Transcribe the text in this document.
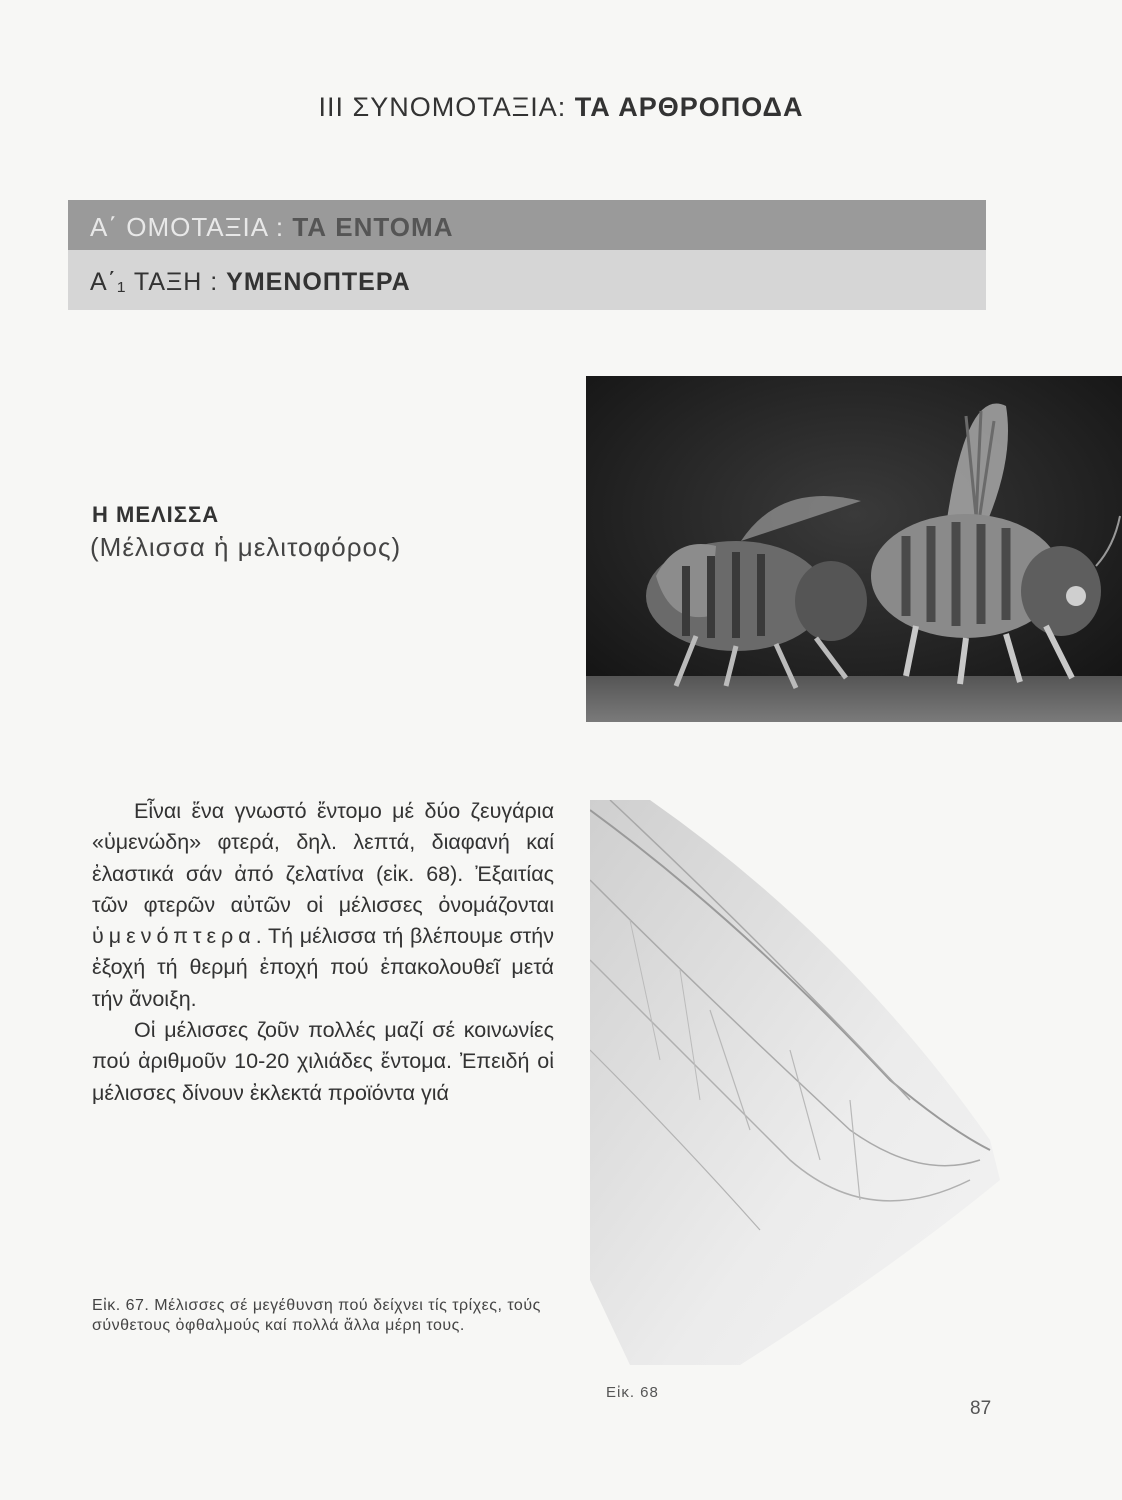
III ΣΥΝΟΜΟΤΑΞΙΑ: ΤΑ ΑΡΘΡΟΠΟΔΑ
Α΄ ΟΜΟΤΑΞΙΑ : ΤΑ ΕΝΤΟΜΑ
Α΄₁ ΤΑΞΗ : ΥΜΕΝΟΠΤΕΡΑ
Η ΜΕΛΙΣΣΑ
(Μέλισσα ἡ μελιτοφόρος)

Εἶναι ἕνα γνωστό ἔντομο μέ δύο ζευγάρια «ὑμενώδη» φτερά, δηλ. λεπτά, διαφανή καί ἐλαστικά σάν ἀπό ζελατίνα (εἰκ. 68). Ἐξαιτίας τῶν φτερῶν αὐτῶν οἱ μέλισσες ὀνομάζονται ὑμενόπτερα. Τή μέλισσα τή βλέπουμε στήν ἐξοχή τή θερμή ἐποχή πού ἐπακολουθεῖ μετά τήν ἄνοιξη.

Οἱ μέλισσες ζοῦν πολλές μαζί σέ κοινωνίες πού ἀριθμοῦν 10-20 χιλιάδες ἔντομα. Ἐπειδή οἱ μέλισσες δίνουν ἐκλεκτά προϊόντα γιά

Εἰκ. 67. Μέλισσες σέ μεγέθυνση πού δείχνει τίς τρίχες, τούς σύνθετους ὀφθαλμούς καί πολλά ἄλλα μέρη τους.
Εἰκ. 68
87
